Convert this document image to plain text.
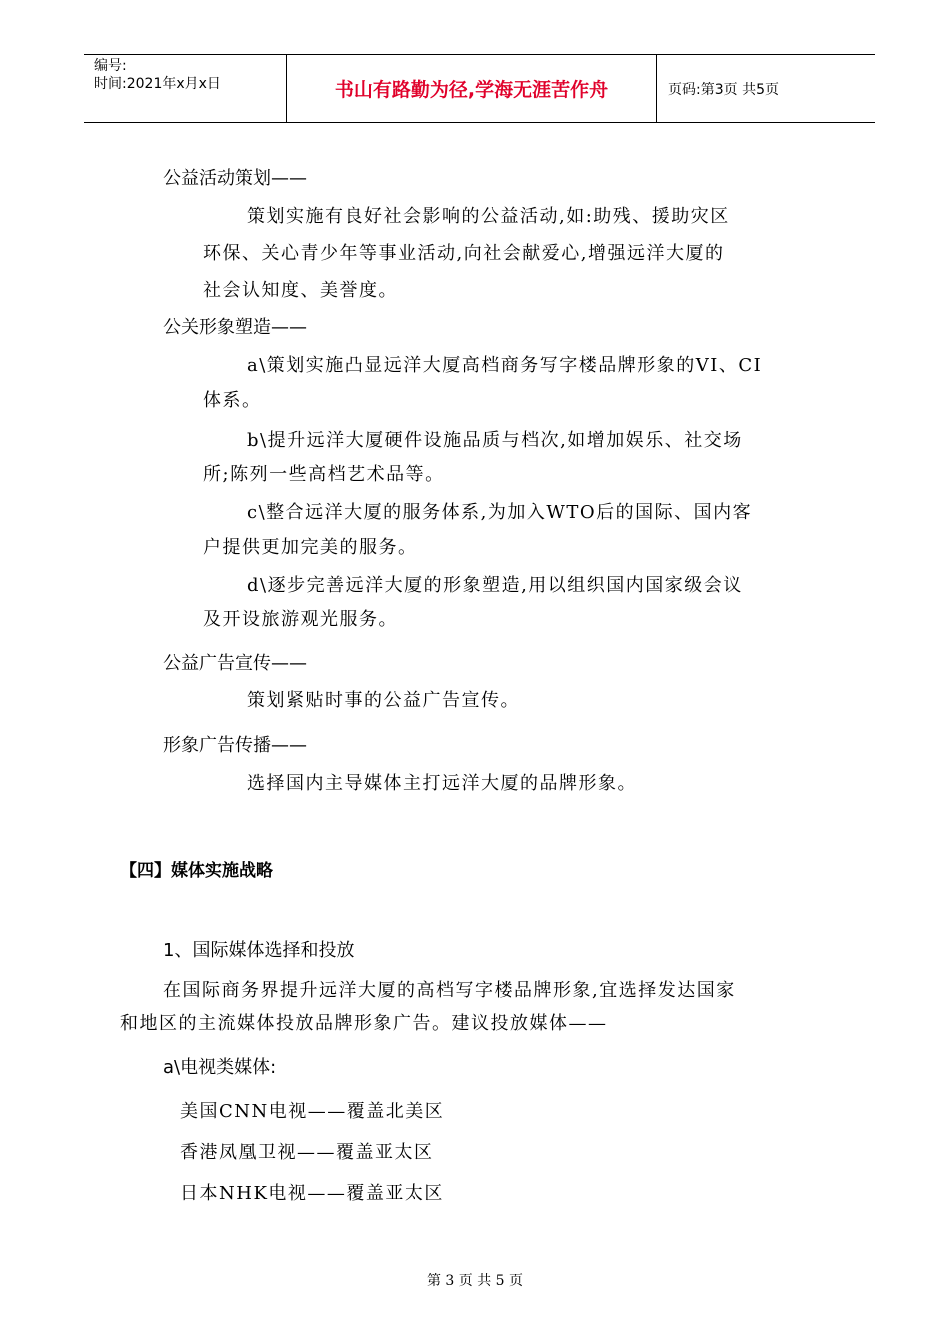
编号:
时间:2021年x月x日	书山有路勤为径,学海无涯苦作舟	页码:第3页 共5页
公益活动策划——
策划实施有良好社会影响的公益活动,如:助残、援助灾区
环保、关心青少年等事业活动,向社会献爱心,增强远洋大厦的
社会认知度、美誉度。
公关形象塑造——
a\策划实施凸显远洋大厦高档商务写字楼品牌形象的VI、CI
体系。
b\提升远洋大厦硬件设施品质与档次,如增加娱乐、社交场
所;陈列一些高档艺术品等。
c\整合远洋大厦的服务体系,为加入WTO后的国际、国内客
户提供更加完美的服务。
d\逐步完善远洋大厦的形象塑造,用以组织国内国家级会议
及开设旅游观光服务。
公益广告宣传——
策划紧贴时事的公益广告宣传。
形象广告传播——
选择国内主导媒体主打远洋大厦的品牌形象。
【四】媒体实施战略
1、国际媒体选择和投放
在国际商务界提升远洋大厦的高档写字楼品牌形象,宜选择发达国家
和地区的主流媒体投放品牌形象广告。建议投放媒体——
a\电视类媒体:
美国CNN电视——覆盖北美区
香港凤凰卫视——覆盖亚太区
日本NHK电视——覆盖亚太区
第 3 页 共 5 页
